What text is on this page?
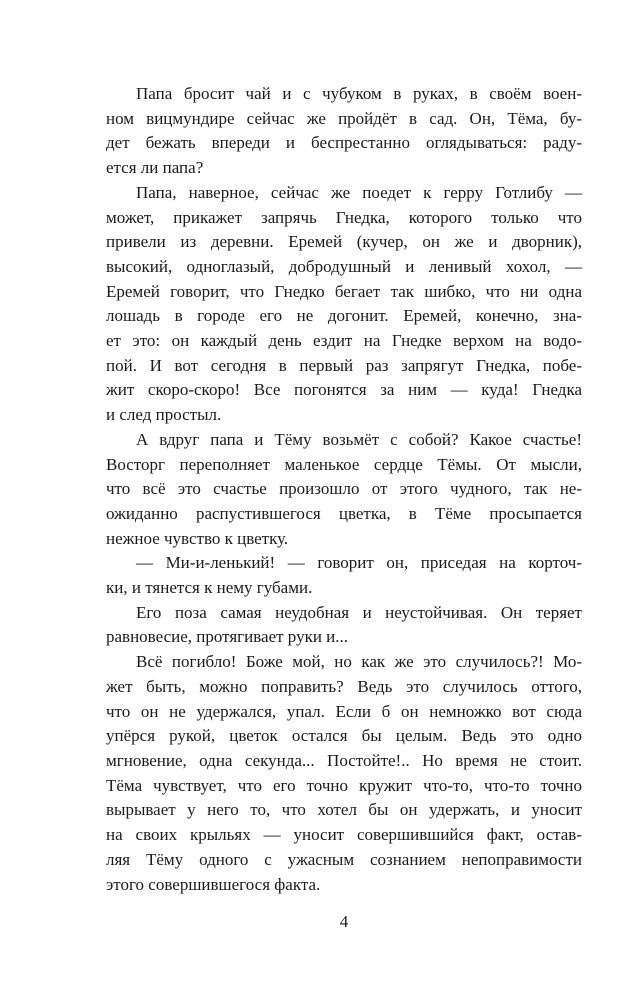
Папа бросит чай и с чубуком в руках, в своём воен-
ном вицмундире сейчас же пройдёт в сад. Он, Тёма, бу-
дет бежать впереди и беспрестанно оглядываться: раду-
ется ли папа?
Папа, наверное, сейчас же поедет к герру Готлибу —
может, прикажет запрячь Гнедка, которого только что
привели из деревни. Еремей (кучер, он же и дворник),
высокий, одноглазый, добродушный и ленивый хохол, —
Еремей говорит, что Гнедко бегает так шибко, что ни одна
лошадь в городе его не догонит. Еремей, конечно, зна-
ет это: он каждый день ездит на Гнедке верхом на водо-
пой. И вот сегодня в первый раз запрягут Гнедка, побе-
жит скоро-скоро! Все погонятся за ним — куда! Гнедка
и след простыл.
А вдруг папа и Тёму возьмёт с собой? Какое счастье!
Восторг переполняет маленькое сердце Тёмы. От мысли,
что всё это счастье произошло от этого чудного, так не-
ожиданно распустившегося цветка, в Тёме просыпается
нежное чувство к цветку.
— Ми-и-ленький! — говорит он, приседая на корточ-
ки, и тянется к нему губами.
Его поза самая неудобная и неустойчивая. Он теряет
равновесие, протягивает руки и...
Всё погибло! Боже мой, но как же это случилось?! Мо-
жет быть, можно поправить? Ведь это случилось оттого,
что он не удержался, упал. Если б он немножко вот сюда
упёрся рукой, цветок остался бы целым. Ведь это одно
мгновение, одна секунда... Постойте!.. Но время не стоит.
Тёма чувствует, что его точно кружит что-то, что-то точно
вырывает у него то, что хотел бы он удержать, и уносит
на своих крыльях — уносит совершившийся факт, остав-
ляя Тёму одного с ужасным сознанием непоправимости
этого совершившегося факта.
4
